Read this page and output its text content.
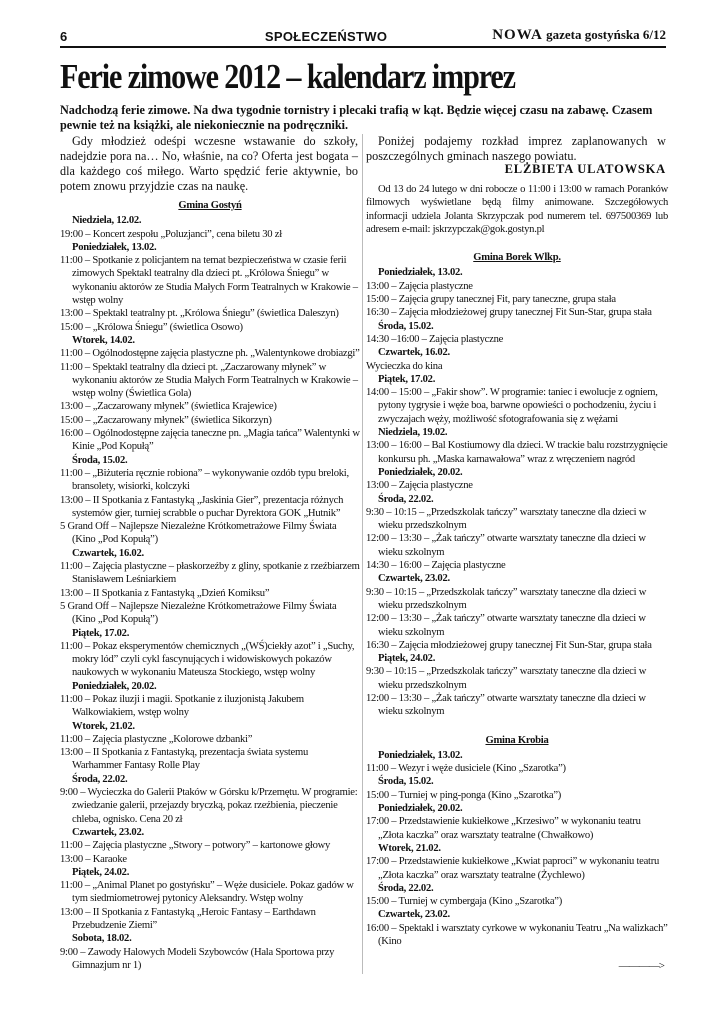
6	SPOŁECZEŃSTWO	NOWA gazeta gostyńska 6/12
Ferie zimowe 2012 – kalendarz imprez

Nadchodzą ferie zimowe. Na dwa tygodnie tornistry i plecaki trafią w kąt. Będzie więcej czasu na zabawę. Czasem pewnie też na książki, ale niekoniecznie na podręczniki.

Gdy młodzież odeśpi wczesne wstawanie do szkoły, nadejdzie pora na… No, właśnie, na co? Oferta jest bogata – dla każdego coś miłego. Warto spędzić ferie aktywnie, bo potem znowu przyjdzie czas na naukę.

Poniżej podajemy rozkład imprez zaplanowanych w poszczególnych gminach naszego powiatu.

ELŻBIETA ULATOWSKA

Gmina Gostyń
Niedziela, 12.02.
19:00 – Koncert zespołu „Poluzjanci”, cena biletu 30 zł
Poniedziałek, 13.02.
11:00 – Spotkanie z policjantem na temat bezpieczeństwa w czasie ferii zimowych Spektakl teatralny dla dzieci pt. „Królowa Śniegu” w wykonaniu aktorów ze Studia Małych Form Teatralnych w Krakowie – wstęp wolny
13:00 – Spektakl teatralny pt. „Królowa Śniegu” (świetlica Daleszyn)
15:00 – „Królowa Śniegu” (świetlica Osowo)
Wtorek, 14.02.
11:00 – Ogólnodostępne zajęcia plastyczne ph. „Walentynkowe drobiazgi”
11:00 – Spektakl teatralny dla dzieci pt. „Zaczarowany młynek” w wykonaniu aktorów ze Studia Małych Form Teatralnych w Krakowie – wstęp wolny (Świetlica Gola)
13:00 – „Zaczarowany młynek” (świetlica Krajewice)
15:00 – „Zaczarowany młynek” (świetlica Sikorzyn)
16:00 – Ogólnodostępne zajęcia taneczne pn. „Magia tańca” Walentynki w Kinie „Pod Kopułą”
Środa, 15.02.
11:00 – „Biżuteria ręcznie robiona” – wykonywanie ozdób typu breloki, bransolety, wisiorki, kolczyki
13:00 – II Spotkania z Fantastyką „Jaskinia Gier”, prezentacja różnych systemów gier, turniej scrabble o puchar Dyrektora GOK „Hutnik”
5 Grand Off – Najlepsze Niezależne Krótkometrażowe Filmy Świata (Kino „Pod Kopułą”)
Czwartek, 16.02.
11:00 – Zajęcia plastyczne – płaskorzeźby z gliny, spotkanie z rzeźbiarzem Stanisławem Leśniarkiem
13:00 – II Spotkania z Fantastyką „Dzień Komiksu”
5 Grand Off – Najlepsze Niezależne Krótkometrażowe Filmy Świata (Kino „Pod Kopułą”)
Piątek, 17.02.
11:00 – Pokaz eksperymentów chemicznych „(WŚ)ciekły azot” i „Suchy, mokry lód” czyli cykl fascynujących i widowiskowych pokazów naukowych w wykonaniu Mateusza Stockiego, wstęp wolny
Poniedziałek, 20.02.
11:00 – Pokaz iluzji i magii. Spotkanie z iluzjonistą Jakubem Walkowiakiem, wstęp wolny
Wtorek, 21.02.
11:00 – Zajęcia plastyczne „Kolorowe dzbanki”
13:00 – II Spotkania z Fantastyką, prezentacja świata systemu Warhammer Fantasy Rolle Play
Środa, 22.02.
9:00 – Wycieczka do Galerii Ptaków w Górsku k/Przemętu. W programie: zwiedzanie galerii, przejazdy bryczką, pokaz rzeźbienia, pieczenie chleba, ognisko. Cena 20 zł
Czwartek, 23.02.
11:00 – Zajęcia plastyczne „Stwory – potwory” – kartonowe głowy
13:00 – Karaoke
Piątek, 24.02.
11:00 – „Animal Planet po gostyńsku” – Węże dusiciele. Pokaz gadów w tym siedmiometrowej pytonicy Aleksandry. Wstęp wolny
13:00 – II Spotkania z Fantastyką „Heroic Fantasy – Earthdawn Przebudzenie Ziemi”
Sobota, 18.02.
9:00 – Zawody Halowych Modeli Szybowców (Hala Sportowa przy Gimnazjum nr 1)
Od 13 do 24 lutego w dni robocze o 11:00 i 13:00 w ramach Poranków filmowych wyświetlane będą filmy animowane. Szczegółowych informacji udziela Jolanta Skrzypczak pod numerem tel. 697500369 lub adresem e-mail: jskrzypczak@gok.gostyn.pl
Gmina Borek Wlkp.
Poniedziałek, 13.02.
13:00 – Zajęcia plastyczne
15:00 – Zajęcia grupy tanecznej Fit, pary taneczne, grupa stała
16:30 – Zajęcia młodzieżowej grupy tanecznej Fit Sun-Star, grupa stała
Środa, 15.02.
14:30 –16:00 – Zajęcia plastyczne
Czwartek, 16.02.
Wycieczka do kina
Piątek, 17.02.
14:00 – 15:00 – „Fakir show”. W programie: taniec i ewolucje z ogniem, pytony tygrysie i węże boa, barwne opowieści o pochodzeniu, życiu i zwyczajach węży, możliwość sfotografowania się z wężami
Niedziela, 19.02.
13:00 – 16:00 – Bal Kostiumowy dla dzieci. W trackie balu rozstrzygnięcie konkursu ph. „Maska karnawałowa” wraz z wręczeniem nagród
Poniedziałek, 20.02.
13:00 – Zajęcia plastyczne
Środa, 22.02.
9:30 – 10:15 – „Przedszkolak tańczy” warsztaty taneczne dla dzieci w wieku przedszkolnym
12:00 – 13:30 – „Żak tańczy” otwarte warsztaty taneczne dla dzieci w wieku szkolnym
14:30 – 16:00 – Zajęcia plastyczne
Czwartek, 23.02.
9:30 – 10:15 – „Przedszkolak tańczy” warsztaty taneczne dla dzieci w wieku przedszkolnym
12:00 – 13:30 – „Żak tańczy” otwarte warsztaty taneczne dla dzieci w wieku szkolnym
16:30 – Zajęcia młodzieżowej grupy tanecznej Fit Sun-Star, grupa stała
Piątek, 24.02.
9:30 – 10:15 – „Przedszkolak tańczy” warsztaty taneczne dla dzieci w wieku przedszkolnym
12:00 – 13:30 – „Żak tańczy” otwarte warsztaty taneczne dla dzieci w wieku szkolnym
Gmina Krobia
Poniedziałek, 13.02.
11:00 – Wezyr i węże dusiciele (Kino „Szarotka”)
Środa, 15.02.
15:00 – Turniej w ping-ponga (Kino „Szarotka”)
Poniedziałek, 20.02.
17:00 – Przedstawienie kukiełkowe „Krzesiwo” w wykonaniu teatru „Złota kaczka” oraz warsztaty teatralne (Chwałkowo)
Wtorek, 21.02.
17:00 – Przedstawienie kukiełkowe „Kwiat paproci” w wykonaniu teatru „Złota kaczka” oraz warsztaty teatralne (Żychlewo)
Środa, 22.02.
15:00 – Turniej w cymbergaja (Kino „Szarotka”)
Czwartek, 23.02.
16:00 – Spektakl i warsztaty cyrkowe w wykonaniu Teatru „Na walizkach” (Kino
————>
